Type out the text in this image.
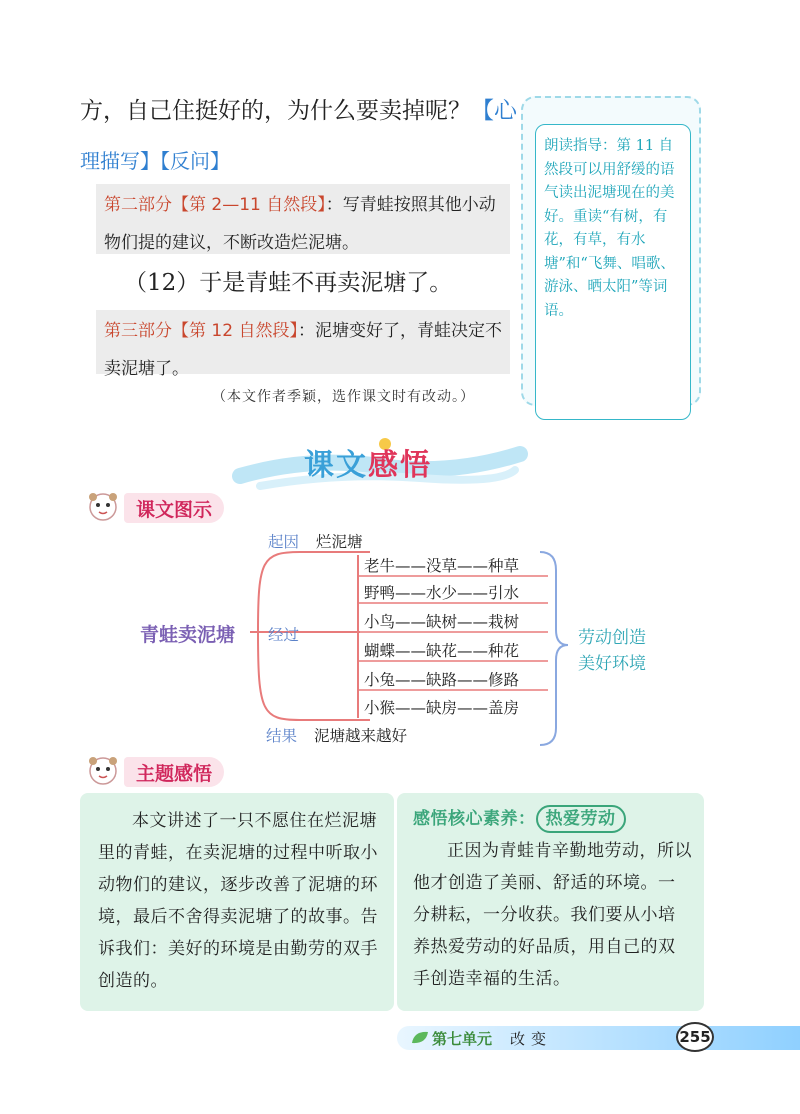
方，自己住挺好的，为什么要卖掉呢？【心
理描写】【反问】
第二部分【第 2—11 自然段】：写青蛙按照其他小动物们提的建议，不断改造烂泥塘。
（12）于是青蛙不再卖泥塘了。
第三部分【第 12 自然段】：泥塘变好了，青蛙决定不卖泥塘了。
（本文作者季颖，选作课文时有改动。）
朗读指导：第 11 自然段可以用舒缓的语气读出泥塘现在的美好。重读“有树，有花，有草，有水塘”和“飞舞、唱歌、游泳、晒太阳”等词语。
课文感悟
课文图示
青蛙卖泥塘
起因 烂泥塘
经过
老牛——没草——种草
野鸭——水少——引水
小鸟——缺树——栽树
蝴蝶——缺花——种花
小兔——缺路——修路
小猴——缺房——盖房
结果 泥塘越来越好
劳动创造
美好环境
主题感悟
本文讲述了一只不愿住在烂泥塘里的青蛙，在卖泥塘的过程中听取小动物们的建议，逐步改善了泥塘的环境，最后不舍得卖泥塘了的故事。告诉我们：美好的环境是由勤劳的双手创造的。
感悟核心素养： 热爱劳动
正因为青蛙肯辛勤地劳动，所以他才创造了美丽、舒适的环境。一分耕耘，一分收获。我们要从小培养热爱劳动的好品质，用自己的双手创造幸福的生活。
第七单元 改变	255
